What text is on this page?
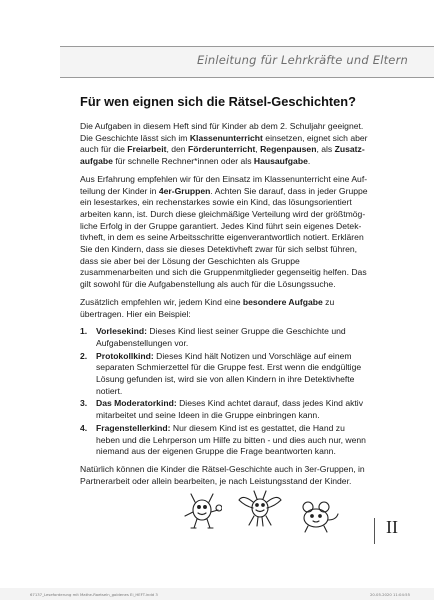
Einleitung für Lehrkräfte und Eltern
Für wen eignen sich die Rätsel-Geschichten?

Die Aufgaben in diesem Heft sind für Kinder ab dem 2. Schuljahr geeignet. Die Geschichte lässt sich im Klassenunterricht einsetzen, eignet sich aber auch für die Freiarbeit, den Förderunterricht, Regenpausen, als Zusatzaufgabe für schnelle Rechner*innen oder als Hausaufgabe.

Aus Erfahrung empfehlen wir für den Einsatz im Klassenunterricht eine Aufteilung der Kinder in 4er-Gruppen. Achten Sie darauf, dass in jeder Gruppe ein lesestarkes, ein rechenstarkes sowie ein Kind, das lösungsorientiert arbeiten kann, ist. Durch diese gleichmäßige Verteilung wird der größtmögliche Erfolg in der Gruppe garantiert. Jedes Kind führt sein eigenes Detektivheft, in dem es seine Arbeitsschritte eigenverantwortlich notiert. Erklären Sie den Kindern, dass sie dieses Detektivheft zwar für sich selbst führen, dass sie aber bei der Lösung der Geschichten als Gruppe zusammenarbeiten und sich die Gruppenmitglieder gegenseitig helfen. Das gilt sowohl für die Aufgabenstellung als auch für die Lösungssuche.

Zusätzlich empfehlen wir, jedem Kind eine besondere Aufgabe zu übertragen. Hier ein Beispiel:

1. Vorlesekind: Dieses Kind liest seiner Gruppe die Geschichte und Aufgabenstellungen vor.
2. Protokollkind: Dieses Kind hält Notizen und Vorschläge auf einem separaten Schmierzettel für die Gruppe fest. Erst wenn die endgültige Lösung gefunden ist, wird sie von allen Kindern in ihre Detektivhefte notiert.
3. Das Moderatorkind: Dieses Kind achtet darauf, dass jedes Kind aktiv mitarbeitet und seine Ideen in die Gruppe einbringen kann.
4. Fragenstellerkind: Nur diesem Kind ist es gestattet, die Hand zu heben und die Lehrperson um Hilfe zu bitten - und dies auch nur, wenn niemand aus der eigenen Gruppe die Frage beantworten kann.

Natürlich können die Kinder die Rätsel-Geschichte auch in 3er-Gruppen, in Partnerarbeit oder allein bearbeiten, je nach Leistungsstand der Kinder.

II
67137_Leseforderung mit Mathe-Raetseln_goldenes Ei_HEFT.indd 3	20.05.2020 11:04:55
